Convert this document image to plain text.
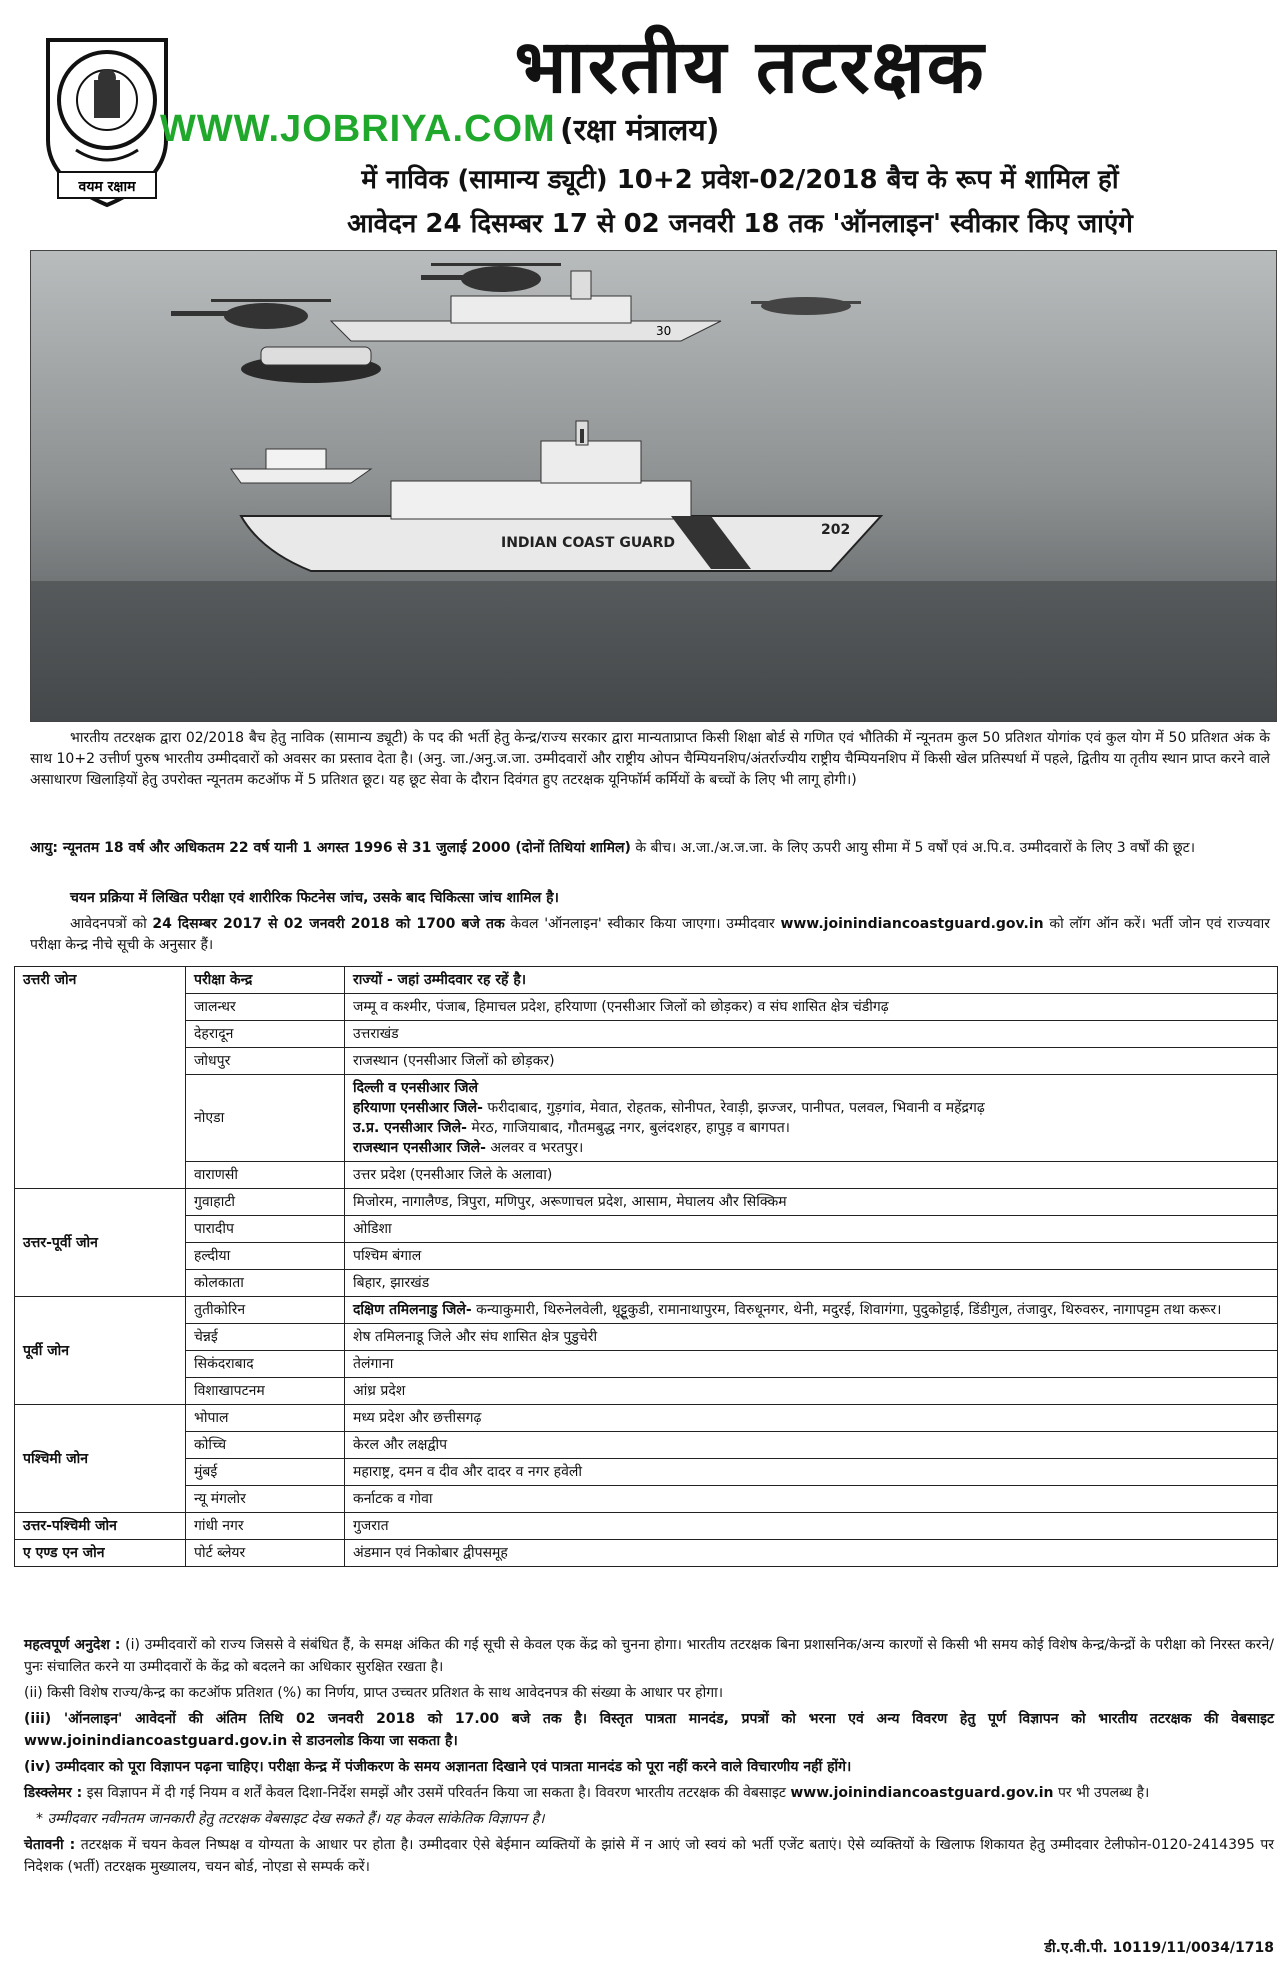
वयम रक्षाम
भारतीय तटरक्षक
WWW.JOBRIYA.COM (रक्षा मंत्रालय)
में नाविक (सामान्य ड्यूटी) 10+2 प्रवेश-02/2018 बैच के रूप में शामिल हों
आवेदन 24 दिसम्बर 17 से 02 जनवरी 18 तक 'ऑनलाइन' स्वीकार किए जाएंगे
30
INDIAN COAST GUARD
202
भारतीय तटरक्षक द्वारा 02/2018 बैच हेतु नाविक (सामान्य ड्यूटी) के पद की भर्ती हेतु केन्द्र/राज्य सरकार द्वारा मान्यताप्राप्त किसी शिक्षा बोर्ड से गणित एवं भौतिकी में न्यूनतम कुल 50 प्रतिशत योगांक एवं कुल योग में 50 प्रतिशत अंक के साथ 10+2 उत्तीर्ण पुरुष भारतीय उम्मीदवारों को अवसर का प्रस्ताव देता है। (अनु. जा./अनु.ज.जा. उम्मीदवारों और राष्ट्रीय ओपन चैम्पियनशिप/अंतर्राज्यीय राष्ट्रीय चैम्पियनशिप में किसी खेल प्रतिस्पर्धा में पहले, द्वितीय या तृतीय स्थान प्राप्त करने वाले असाधारण खिलाड़ियों हेतु उपरोक्त न्यूनतम कटऑफ में 5 प्रतिशत छूट। यह छूट सेवा के दौरान दिवंगत हुए तटरक्षक यूनिफॉर्म कर्मियों के बच्चों के लिए भी लागू होगी।)
आयु: न्यूनतम 18 वर्ष और अधिकतम 22 वर्ष यानी 1 अगस्त 1996 से 31 जुलाई 2000 (दोनों तिथियां शामिल) के बीच। अ.जा./अ.ज.जा. के लिए ऊपरी आयु सीमा में 5 वर्षों एवं अ.पि.व. उम्मीदवारों के लिए 3 वर्षों की छूट।
चयन प्रक्रिया में लिखित परीक्षा एवं शारीरिक फिटनेस जांच, उसके बाद चिकित्सा जांच शामिल है।
आवेदनपत्रों को 24 दिसम्बर 2017 से 02 जनवरी 2018 को 1700 बजे तक केवल 'ऑनलाइन' स्वीकार किया जाएगा। उम्मीदवार www.joinindiancoastguard.gov.in को लॉग ऑन करें। भर्ती जोन एवं राज्यवार परीक्षा केन्द्र नीचे सूची के अनुसार हैं।
उत्तरी जोन	परीक्षा केन्द्र	राज्यों - जहां उम्मीदवार रह रहें है।
	जालन्धर	जम्मू व कश्मीर, पंजाब, हिमाचल प्रदेश, हरियाणा (एनसीआर जिलों को छोड़कर) व संघ शासित क्षेत्र चंडीगढ़
	देहरादून	उत्तराखंड
	जोधपुर	राजस्थान (एनसीआर जिलों को छोड़कर)
	नोएडा	दिल्ली व एनसीआर जिले
हरियाणा एनसीआर जिले- फरीदाबाद, गुड़गांव, मेवात, रोहतक, सोनीपत, रेवाड़ी, झज्जर, पानीपत, पलवल, भिवानी व महेंद्रगढ़
उ.प्र. एनसीआर जिले- मेरठ, गाजियाबाद, गौतमबुद्ध नगर, बुलंदशहर, हापुड़ व बागपत।
राजस्थान एनसीआर जिले- अलवर व भरतपुर।

	वाराणसी	उत्तर प्रदेश (एनसीआर जिले के अलावा)
उत्तर-पूर्वी जोन	गुवाहाटी	मिजोरम, नागालैण्ड, त्रिपुरा, मणिपुर, अरूणाचल प्रदेश, आसाम, मेघालय और सिक्किम
	पारादीप	ओडिशा
	हल्दीया	पश्चिम बंगाल
	कोलकाता	बिहार, झारखंड
पूर्वी जोन	तुतीकोरिन	दक्षिण तमिलनाडु जिले- कन्याकुमारी, थिरुनेलवेली, थूट्टूकुडी, रामानाथापुरम, विरुधूनगर, थेनी, मदुरई, शिवागंगा, पुदुकोट्टाई, डिंडीगुल, तंजावुर, थिरुवरुर, नागापट्टम तथा करूर।
	चेन्नई	शेष तमिलनाडू जिले और संघ शासित क्षेत्र पुडुचेरी
	सिकंदराबाद	तेलंगाना
	विशाखापटनम	आंध्र प्रदेश
पश्चिमी जोन	भोपाल	मध्य प्रदेश और छत्तीसगढ़
	कोच्चि	केरल और लक्षद्वीप
	मुंबई	महाराष्ट्र, दमन व दीव और दादर व नगर हवेली
	न्यू मंगलोर	कर्नाटक व गोवा
उत्तर-पश्चिमी जोन	गांधी नगर	गुजरात
ए एण्ड एन जोन	पोर्ट ब्लेयर	अंडमान एवं निकोबार द्वीपसमूह

महत्वपूर्ण अनुदेश : (i) उम्मीदवारों को राज्य जिससे वे संबंधित हैं, के समक्ष अंकित की गई सूची से केवल एक केंद्र को चुनना होगा। भारतीय तटरक्षक बिना प्रशासनिक/अन्य कारणों से किसी भी समय कोई विशेष केन्द्र/केन्द्रों के परीक्षा को निरस्त करने/पुनः संचालित करने या उम्मीदवारों के केंद्र को बदलने का अधिकार सुरक्षित रखता है।

(ii) किसी विशेष राज्य/केन्द्र का कटऑफ प्रतिशत (%) का निर्णय, प्राप्त उच्चतर प्रतिशत के साथ आवेदनपत्र की संख्या के आधार पर होगा।

(iii) 'ऑनलाइन' आवेदनों की अंतिम तिथि 02 जनवरी 2018 को 17.00 बजे तक है। विस्तृत पात्रता मानदंड, प्रपत्रों को भरना एवं अन्य विवरण हेतु पूर्ण विज्ञापन को भारतीय तटरक्षक की वेबसाइट www.joinindiancoastguard.gov.in से डाउनलोड किया जा सकता है।

(iv) उम्मीदवार को पूरा विज्ञापन पढ़ना चाहिए। परीक्षा केन्द्र में पंजीकरण के समय अज्ञानता दिखाने एवं पात्रता मानदंड को पूरा नहीं करने वाले विचारणीय नहीं होंगे।

डिस्क्लेमर : इस विज्ञापन में दी गई नियम व शर्तें केवल दिशा-निर्देश समझें और उसमें परिवर्तन किया जा सकता है। विवरण भारतीय तटरक्षक की वेबसाइट www.joinindiancoastguard.gov.in पर भी उपलब्ध है।

* उम्मीदवार नवीनतम जानकारी हेतु तटरक्षक वेबसाइट देख सकते हैं। यह केवल सांकेतिक विज्ञापन है।

चेतावनी : तटरक्षक में चयन केवल निष्पक्ष व योग्यता के आधार पर होता है। उम्मीदवार ऐसे बेईमान व्यक्तियों के झांसे में न आएं जो स्वयं को भर्ती एजेंट बताएं। ऐसे व्यक्तियों के खिलाफ शिकायत हेतु उम्मीदवार टेलीफोन-0120-2414395 पर निदेशक (भर्ती) तटरक्षक मुख्यालय, चयन बोर्ड, नोएडा से सम्पर्क करें।

डी.ए.वी.पी. 10119/11/0034/1718
